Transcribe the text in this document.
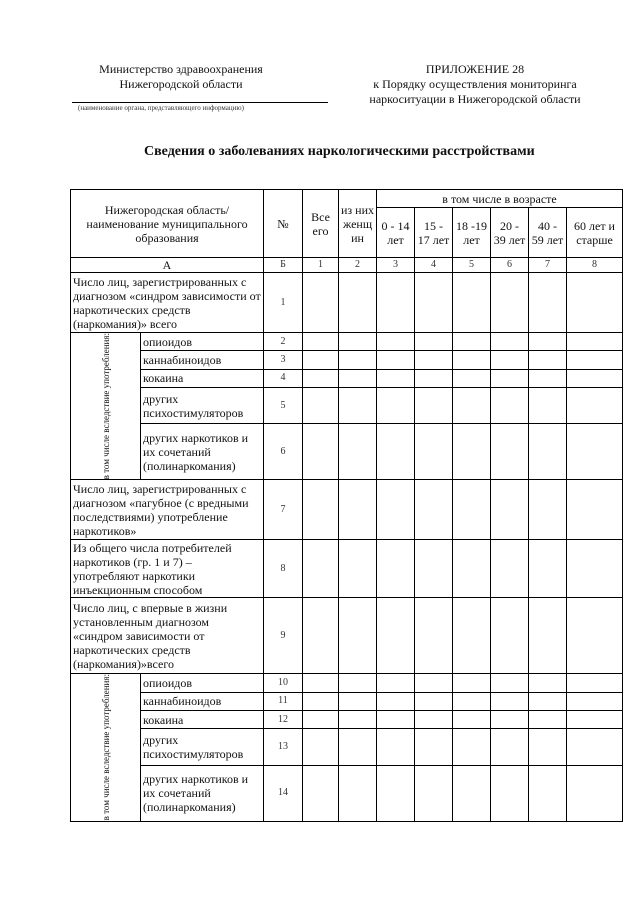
Министерство здравоохранения
Нижегородской области
(наименование органа, представляющего информацию)
ПРИЛОЖЕНИЕ 28
к Порядку осуществления мониторинга
наркоситуации в Нижегородской области
Сведения о заболеваниях наркологическими расстройствами
Нижегородская область/ наименование муниципального образования		№	Все его	из них женщ ин	в том числе в возрасте					
					0 - 14 лет	15 - 17 лет	18 -19 лет	20 - 39 лет	40 - 59 лет	60 лет и старше
А		Б	1	2	3	4	5	6	7	8
Число лиц, зарегистрированных с диагнозом «синдром зависимости от наркотических средств (наркомания)» всего		1								

в том числе вследствие употребления:	опиоидов	2								
	каннабиноидов	3								
	кокаина	4								
	других психостимуляторов	5								
	других наркотиков и их сочетаний (полинаркомания)	6								
Число лиц, зарегистрированных с диагнозом «пагубное (с вредными последствиями) употребление наркотиков»		7								
Из общего числа потребителей наркотиков (гр. 1 и 7) – употребляют наркотики инъекционным способом		8								
Число лиц, с впервые в жизни установленным диагнозом «синдром зависимости от наркотических средств (наркомания)»всего		9								

в том числе вследствие употребления:	опиоидов	10								
	каннабиноидов	11								
	кокаина	12								
	других психостимуляторов	13								
	других наркотиков и их сочетаний (полинаркомания)	14								
